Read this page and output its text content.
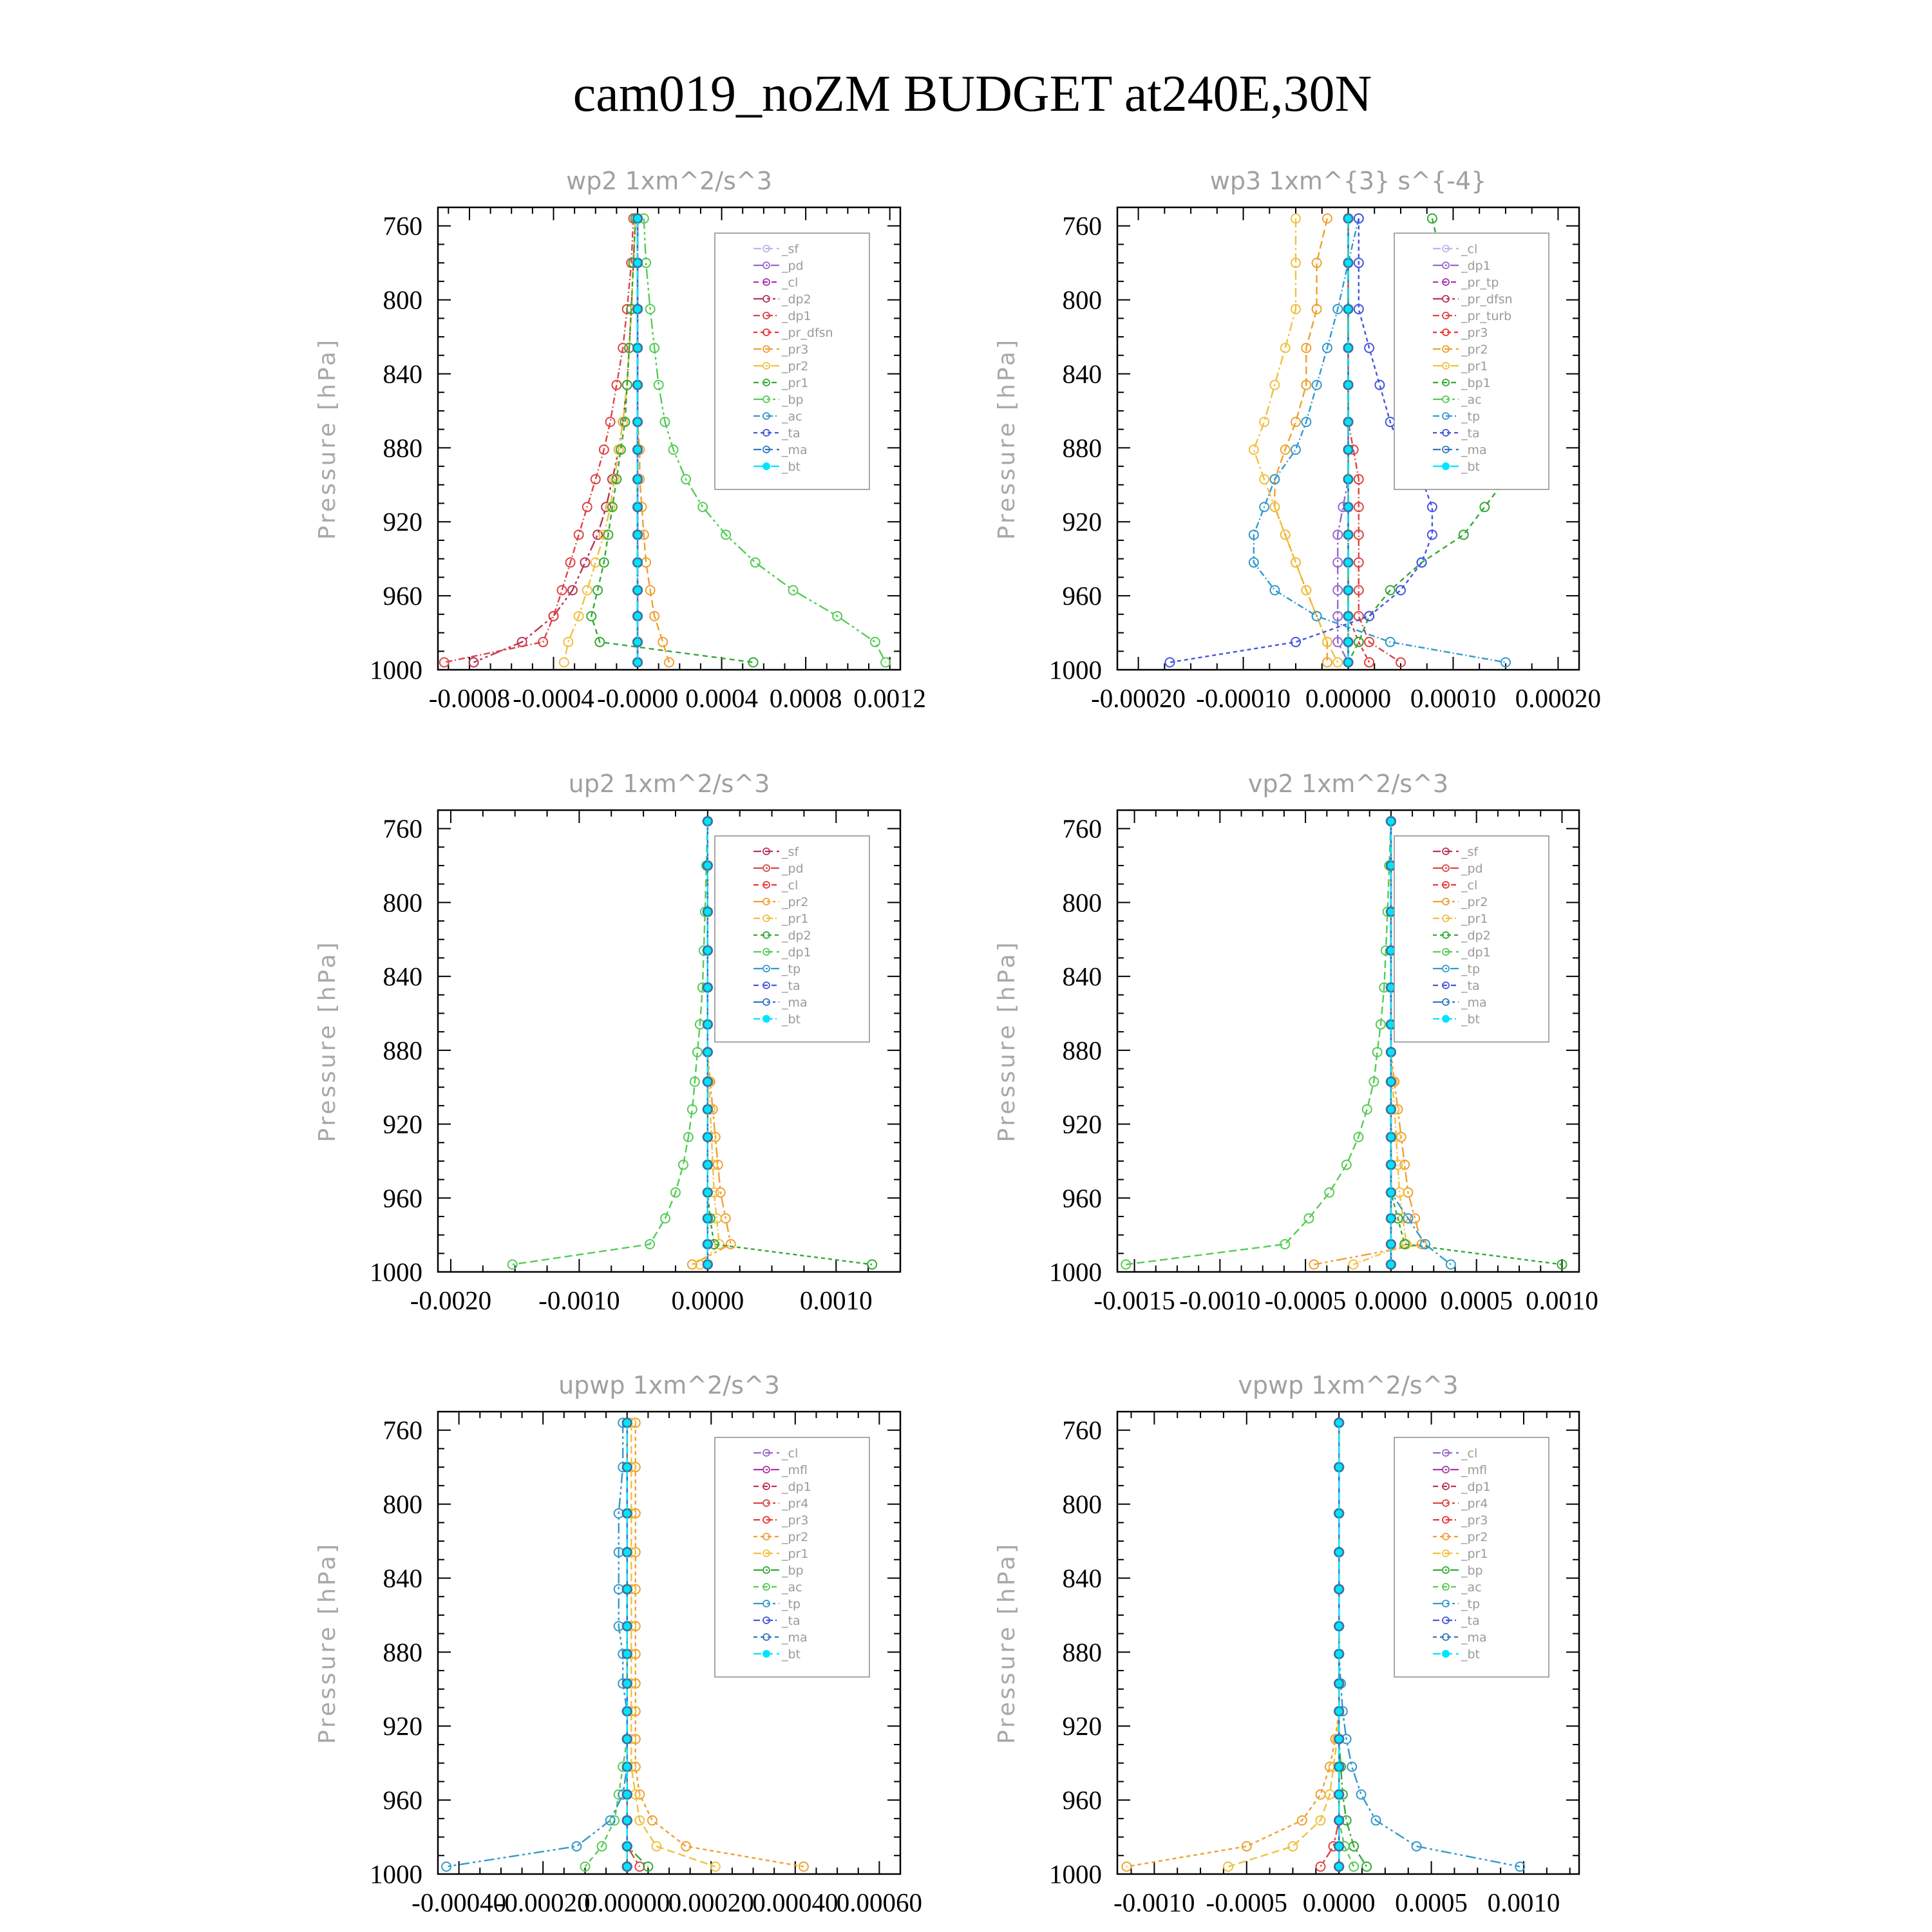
cam019_noZM BUDGET at240E,30N
wp2 1xm^2/s^3
Pressure [hPa]
760
800
840
880
920
960
1000
-0.0008 -0.0004 -0.0000 0.0004 0.0008 0.0012
_sf
_pd
_cl
_dp2
_dp1
_pr_dfsn
_pr3
_pr2
_pr1
_bp
_ac
_ta
_ma
_bt
wp3 1xm^{3} s^{-4}
Pressure [hPa]
760
800
840
880
920
960
1000
-0.00020 -0.00010 0.00000 0.00010 0.00020
_cl
_dp1
_pr_tp
_pr_dfsn
_pr_turb
_pr3
_pr2
_pr1
_bp1
_ac
_tp
_ta
_ma
_bt
up2 1xm^2/s^3
Pressure [hPa]
760
800
840
880
920
960
1000
-0.0020 -0.0010 0.0000 0.0010
_sf
_pd
_cl
_pr2
_pr1
_dp2
_dp1
_tp
_ta
_ma
_bt
vp2 1xm^2/s^3
Pressure [hPa]
760
800
840
880
920
960
1000
-0.0015 -0.0010 -0.0005 0.0000 0.0005 0.0010
_sf
_pd
_cl
_pr2
_pr1
_dp2
_dp1
_tp
_ta
_ma
_bt
upwp 1xm^2/s^3
Pressure [hPa]
760
800
840
880
920
960
1000
-0.00040
-0.00020
0.00000
0.00020
0.00040
0.00060
_cl
_mfl
_dp1
_pr4
_pr3
_pr2
_pr1
_bp
_ac
_tp
_ta
_ma
_bt
vpwp 1xm^2/s^3
Pressure [hPa]
760
800
840
880
920
960
1000
-0.0010 -0.0005 0.0000 0.0005 0.0010
_cl
_mfl
_dp1
_pr4
_pr3
_pr2
_pr1
_bp
_ac
_tp
_ta
_ma
_bt
